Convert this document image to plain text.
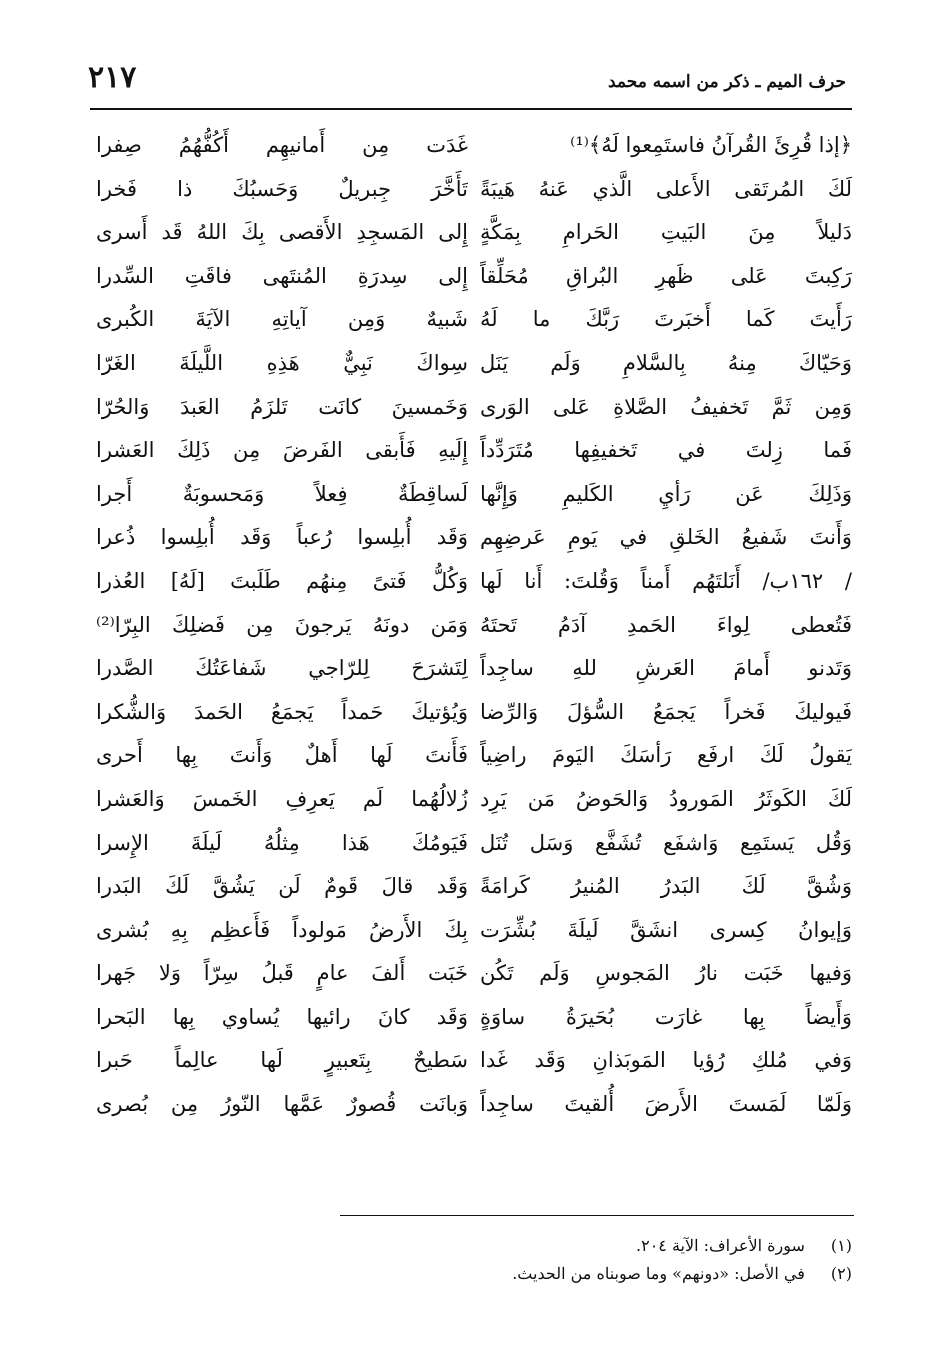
٢١٧	حرف الميم ـ ذكر من اسمه محمد
﴿إذا قُرِئَ القُرآنُ فاستَمِعوا لَهُ﴾⁽¹⁾
لَكَ المُرتَقى الأَعلى الَّذي عَنهُ هَيبَةً
دَليلاً مِنَ البَيتِ الحَرامِ بِمَكَّةٍ
رَكِبتَ عَلى ظَهرِ البُراقِ مُحَلِّقاً
رَأَيتَ كَما أَخبَرتَ رَبَّكَ ما لَهُ
وَحَيّاكَ مِنهُ بِالسَّلامِ وَلَم يَنَل
وَمِن ثَمَّ تَخفيفُ الصَّلاةِ عَلى الوَرى
فَما زِلتَ في تَخفيفِها مُتَرَدِّداً
وَذَلِكَ عَن رَأيِ الكَليمِ وَإِنَّها
وَأَنتَ شَفيعُ الخَلقِ في يَومِ عَرضِهِم
/ ١٦٢ب/ أَنَلتَهُم أَمناً وَقُلتَ: أَنا لَها
فَتُعطى لِواءَ الحَمدِ آدَمُ تَحتَهُ
وَتَدنو أَمامَ العَرشِ للهِ ساجِداً
فَيوليكَ فَخراً يَجمَعُ السُّؤلَ وَالرِّضا
يَقولُ لَكَ ارفَع رَأسَكَ اليَومَ راضِياً
لَكَ الكَوثَرُ المَورودُ وَالحَوضُ مَن يَرِد
وَقُل يَستَمِع وَاشفَع تُشَفَّع وَسَل تُنَل
وَشُقَّ لَكَ البَدرُ المُنيرُ كَرامَةً
وَإيوانُ كِسرى انشَقَّ لَيلَةَ بُشِّرَت
وَفيها خَبَت نارُ المَجوسِ وَلَم تَكُن
وَأَيضاً بِها غارَت بُحَيرَةُ ساوَةٍ
وَفي مُلكِ رُؤيا المَوبَذانِ وَقَد غَدا
وَلَمّا لَمَستَ الأَرضَ أُلقيتَ ساجِداً
غَدَت مِن أَمانيهِم أَكُفُّهُمُ صِفرا
تَأَخَّرَ جِبريلٌ وَحَسبُكَ ذا فَخرا
إِلى المَسجِدِ الأَقصى بِكَ اللهُ قَد أَسرى
إِلى سِدرَةِ المُنتَهى فاقَتِ السِّدرا
شَبيهٌ وَمِن آياتِهِ الآيَةَ الكُبرى
سِواكَ نَبِيٌّ هَذِهِ اللَّيلَةَ الغَرّا
وَخَمسينَ كانَت تَلزَمُ العَبدَ وَالحُرّا
إِلَيهِ فَأَبقى الفَرضَ مِن ذَلِكَ العَشرا
لَساقِطَةٌ فِعلاً وَمَحسوبَةٌ أَجرا
وَقَد أُبلِسوا رُعباً وَقَد أُبلِسوا ذُعرا
وَكُلُّ فَتىً مِنهُم طَلَبتَ [لَهُ] العُذرا
وَمَن دونَهُ يَرجونَ مِن فَضلِكَ البِرّا⁽²⁾
لِتَشرَحَ لِلرّاجي شَفاعَتُكَ الصَّدرا
وَيُؤتيكَ حَمداً يَجمَعُ الحَمدَ وَالشُّكرا
فَأَنتَ لَها أَهلٌ وَأَنتَ بِها أَحرى
زُلالُهُما لَم يَعرِفِ الخَمسَ وَالعَشرا
فَيَومُكَ هَذا مِثلُهُ لَيلَةَ الإِسرا
وَقَد قالَ قَومٌ لَن يَشُقَّ لَكَ البَدرا
بِكَ الأَرضُ مَولوداً فَأَعظِم بِهِ بُشرى
خَبَت أَلفَ عامٍ قَبلُ سِرّاً وَلا جَهرا
وَقَد كانَ رائيها يُساوي بِها البَحرا
سَطيحٌ بِتَعبيرٍ لَها عالِماً حَبرا
وَبانَت قُصورٌ عَمَّها النّورُ مِن بُصرى
(١) سورة الأعراف: الآية ٢٠٤.
(٢) في الأصل: «دونهم» وما صوبناه من الحديث.
